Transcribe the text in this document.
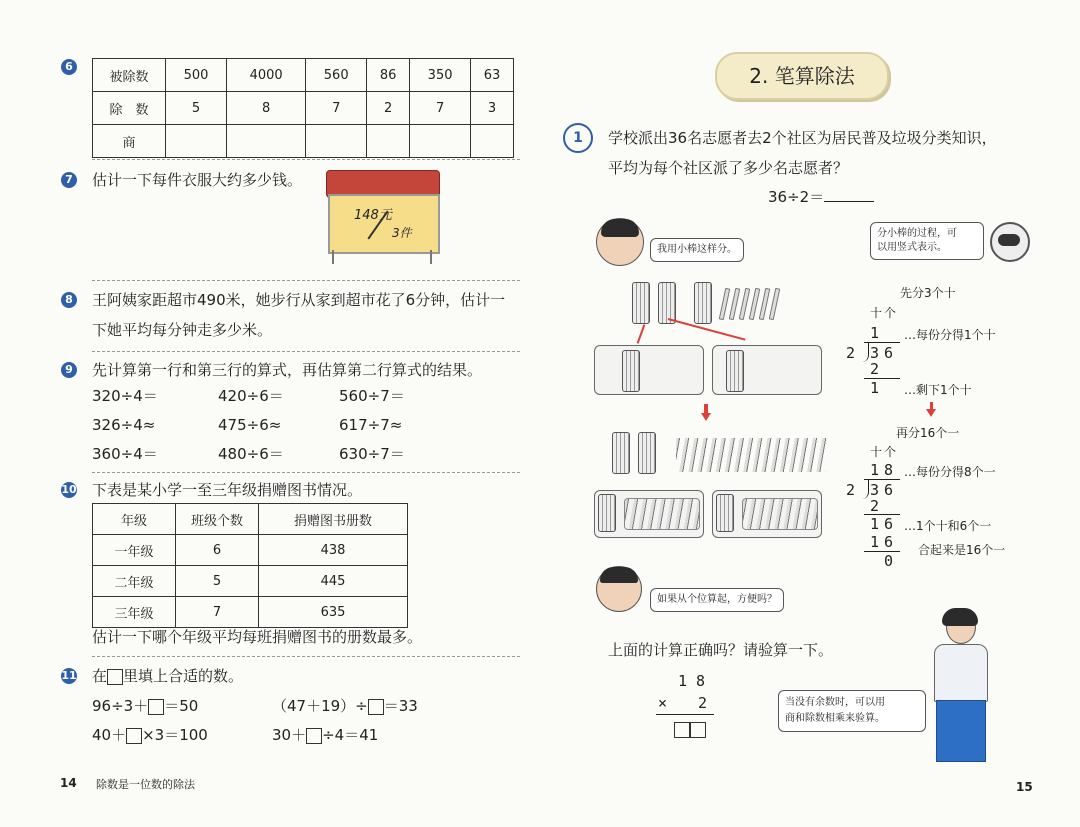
6
被除数	500	4000	560	86	350	63
除　数	5	8	7	2	7	3
商						
7 估计一下每件衣服大约多少钱。
148元
3件
8 王阿姨家距超市490米，她步行从家到超市花了6分钟，估计一
下她平均每分钟走多少米。
9 先计算第一行和第三行的算式，再估算第二行算式的结果。
320÷4＝	420÷6＝	560÷7＝
326÷4≈	475÷6≈	617÷7≈
360÷4＝	480÷6＝	630÷7＝
10 下表是某小学一至三年级捐赠图书情况。
年级	班级个数	捐赠图书册数
一年级	6	438
二年级	5	445
三年级	7	635
估计一下哪个年级平均每班捐赠图书的册数最多。
11 在 里填上合适的数。
96÷3＋ ＝50	（47＋19）÷ ＝33
40＋ ×3＝100	30＋ ÷4＝41
14 除数是一位数的除法
2. 笔算除法
1	学校派出36名志愿者去2个社区为居民普及垃圾分类知识，
平均为每个社区派了多少名志愿者？
36÷2＝
我用小棒这样分。
分小棒的过程，可
以用竖式表示。
先分3个十
十 个
1 …每份分得1个十
2 3 6
2
1 …剩下1个十
再分16个一
十 个
1 8 …每份分得8个一
2 3 6
2
1 6 …1个十和6个一
1 6 合起来是16个一
0
如果从个位算起，方便吗？
上面的计算正确吗？请验算一下。
1 8
× 2	当没有余数时，可以用
商和除数相乘来验算。
15
